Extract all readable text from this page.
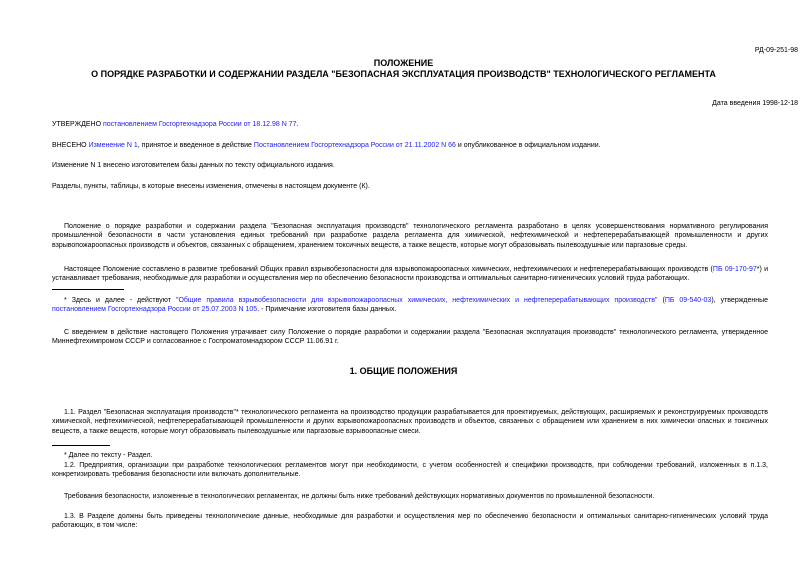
РД-09-251-98
ПОЛОЖЕНИЕ
О ПОРЯДКЕ РАЗРАБОТКИ И СОДЕРЖАНИИ РАЗДЕЛА "БЕЗОПАСНАЯ ЭКСПЛУАТАЦИЯ ПРОИЗВОДСТВ" ТЕХНОЛОГИЧЕСКОГО РЕГЛАМЕНТА
Дата введения 1998-12-18
УТВЕРЖДЕНО постановлением Госгортехнадзора России от 18.12.98 N 77.
ВНЕСЕНО Изменение N 1, принятое и введенное в действие Постановлением Госгортехнадзора России от 21.11.2002 N 66 и опубликованное в официальном издании.
Изменение N 1 внесено изготовителем базы данных по тексту официального издания.
Разделы, пункты, таблицы, в которые внесены изменения, отмечены в настоящем документе (К).
Положение о порядке разработки и содержании раздела "Безопасная эксплуатация производств" технологического регламента разработано в целях усовершенствования нормативного регулирования промышленной безопасности в части установления единых требований при разработке раздела регламента для химической, нефтехимической и нефтеперерабатывающей промышленности и других взрывопожароопасных производств и объектов, связанных с обращением, хранением токсичных веществ, а также веществ, которые могут образовывать пылевоздушные или паргазовые среды.
Настоящее Положение составлено в развитие требований Общих правил взрывобезопасности для взрывопожароопасных химических, нефтехимических и нефтеперерабатывающих производств (ПБ 09-170-97*) и устанавливает требования, необходимые для разработки и осуществления мер по обеспечению безопасности производства и оптимальных санитарно-гигиенических условий труда работающих.
* Здесь и далее - действуют "Общие правила взрывобезопасности для взрывопожароопасных химических, нефтехимических и нефтеперерабатывающих производств" (ПБ 09-540-03), утвержденные постановлением Госгортехнадзора России от 25.07.2003 N 105. - Примечание изготовителя базы данных.
С введением в действие настоящего Положения утрачивает силу Положение о порядке разработки и содержании раздела "Безопасная эксплуатация производств" технологического регламента, утвержденное Миннефтехимпромом СССР и согласованное с Госпроматомнадзором СССР 11.06.91 г.
1. ОБЩИЕ ПОЛОЖЕНИЯ
1.1. Раздел "Безопасная эксплуатация производств"* технологического регламента на производство продукции разрабатывается для проектируемых, действующих, расширяемых и реконструируемых производств химической, нефтехимической, нефтеперерабатывающей промышленности и других взрывопожароопасных производств и объектов, связанных с обращением или хранением в них химически опасных и токсичных веществ, а также веществ, которые могут образовывать пылевоздушные или паргазовые взрывоопасные смеси.
* Далее по тексту - Раздел.
1.2. Предприятия, организации при разработке технологических регламентов могут при необходимости, с учетом особенностей и специфики производств, при соблюдении требований, изложенных в п.1.3, конкретизировать требования безопасности или включать дополнительные.
Требования безопасности, изложенные в технологических регламентах, не должны быть ниже требований действующих нормативных документов по промышленной безопасности.
1.3. В Разделе должны быть приведены технологические данные, необходимые для разработки и осуществления мер по обеспечению безопасности и оптимальных санитарно-гигиенических условий труда работающих, в том числе:
